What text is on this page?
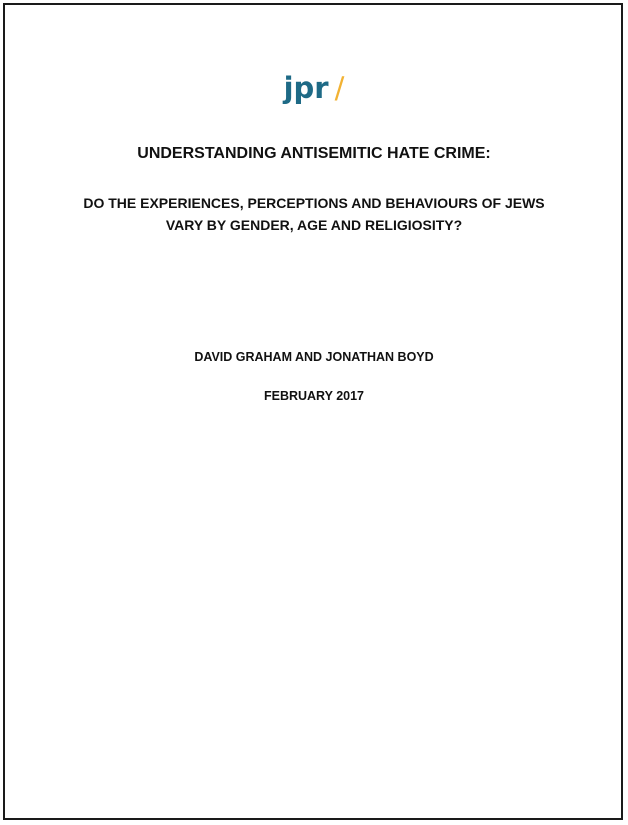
jpr /
UNDERSTANDING ANTISEMITIC HATE CRIME:
DO THE EXPERIENCES, PERCEPTIONS AND BEHAVIOURS OF JEWS
VARY BY GENDER, AGE AND RELIGIOSITY?
DAVID GRAHAM AND JONATHAN BOYD
FEBRUARY 2017
